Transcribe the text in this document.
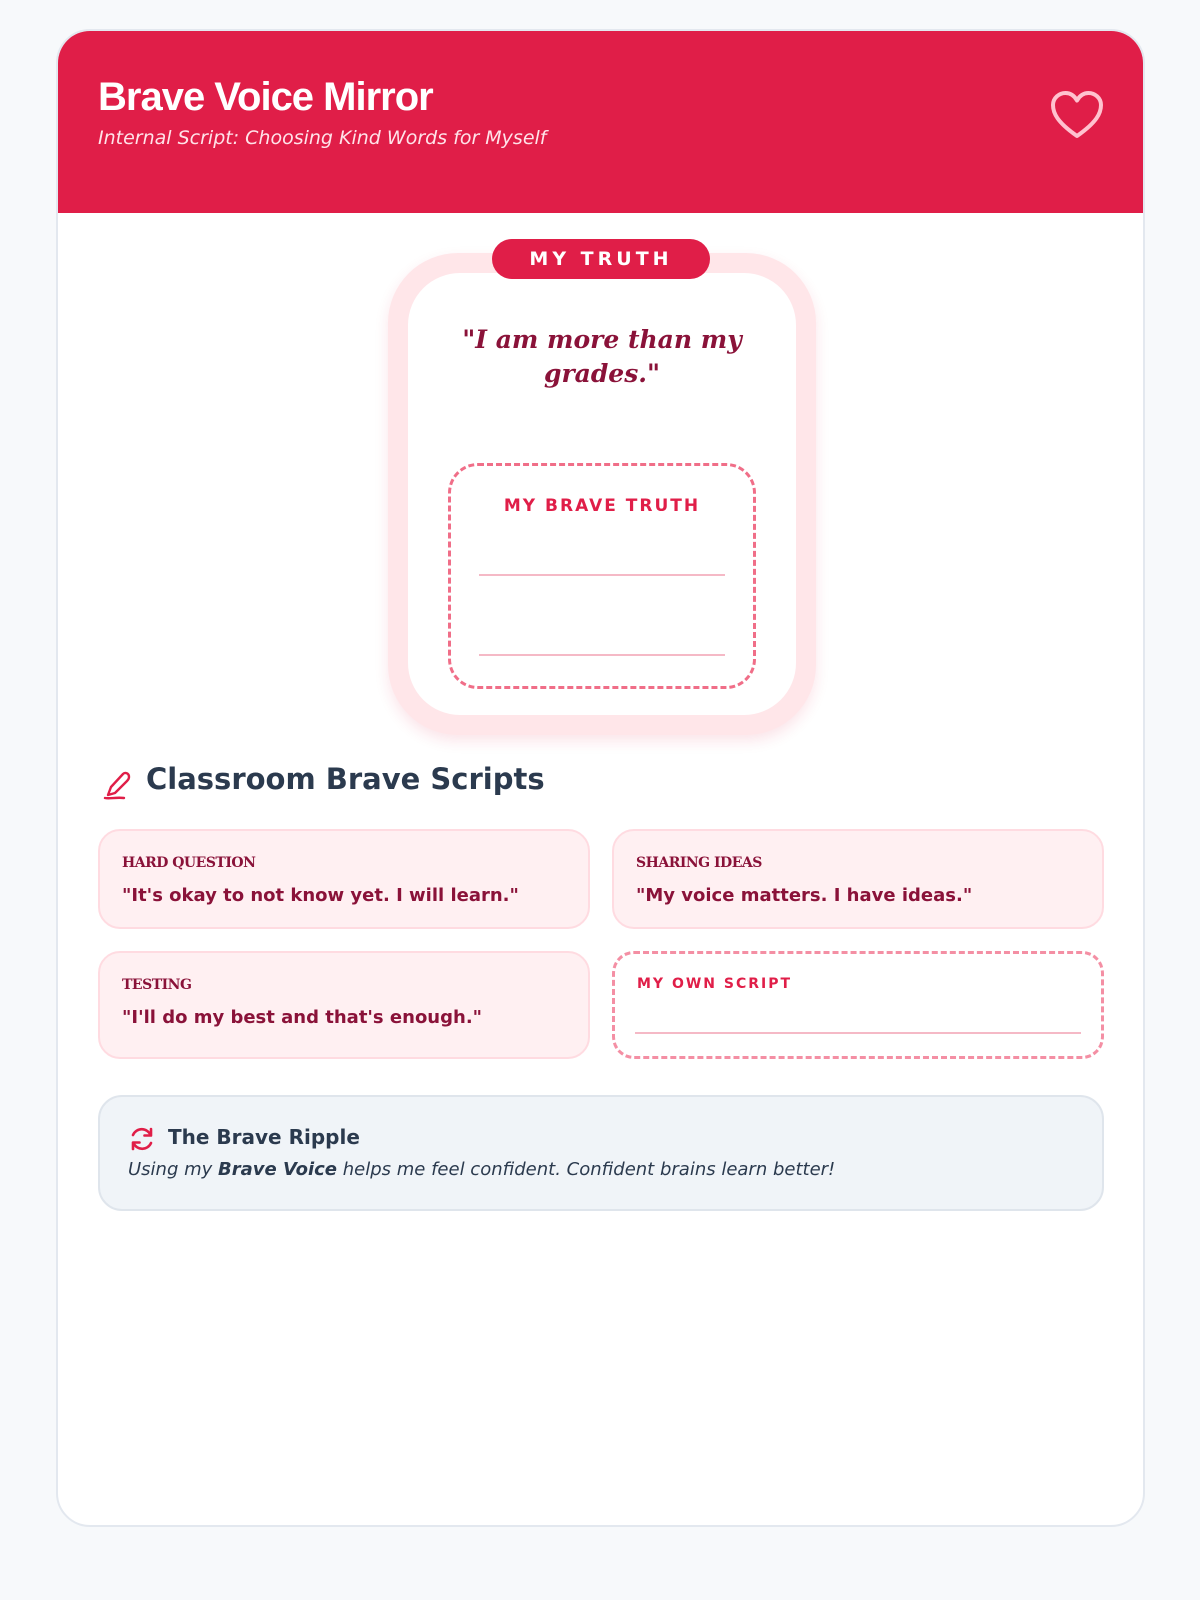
Brave Voice Mirror
Internal Script: Choosing Kind Words for Myself
"I am more than my grades."
MY BRAVE TRUTH
MY TRUTH
Classroom Brave Scripts
HARD QUESTION
"It's okay to not know yet. I will learn."
SHARING IDEAS
"My voice matters. I have ideas."
TESTING
"I'll do my best and that's enough."
MY OWN SCRIPT
The Brave Ripple
Using my Brave Voice helps me feel confident. Confident brains learn better!
